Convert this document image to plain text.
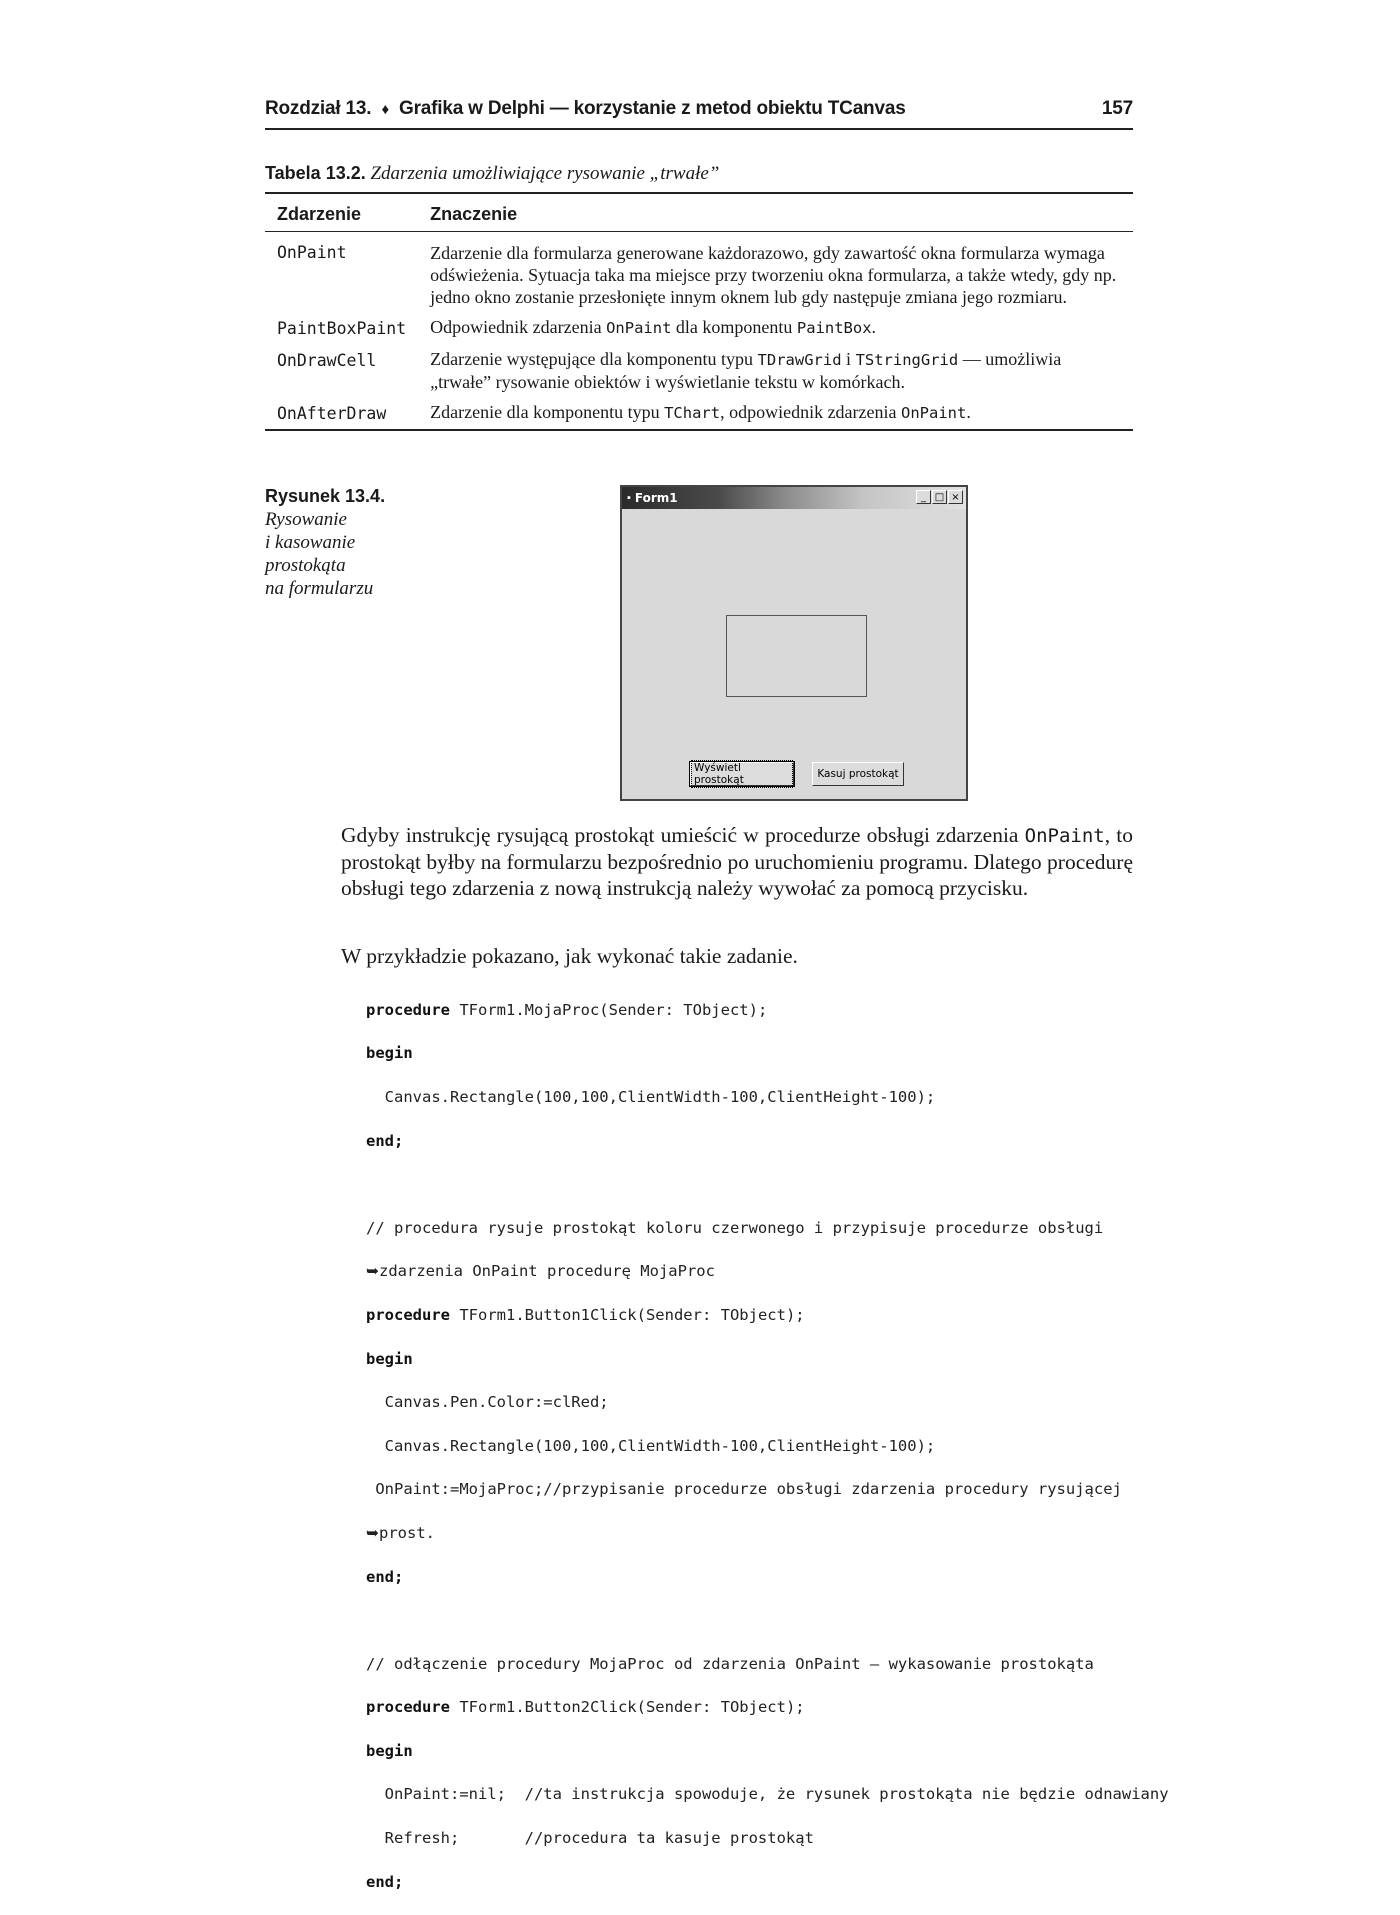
Rozdział 13. ♦ Grafika w Delphi — korzystanie z metod obiektu TCanvas	157
Tabela 13.2. Zdarzenia umożliwiające rysowanie „trwałe”
Zdarzenie	Znaczenie
OnPaint	Zdarzenie dla formularza generowane każdorazowo, gdy zawartość okna formularza wymaga odświeżenia. Sytuacja taka ma miejsce przy tworzeniu okna formularza, a także wtedy, gdy np. jedno okno zostanie przesłonięte innym oknem lub gdy następuje zmiana jego rozmiaru.
PaintBoxPaint	Odpowiednik zdarzenia OnPaint dla komponentu PaintBox.
OnDrawCell	Zdarzenie występujące dla komponentu typu TDrawGrid i TStringGrid — umożliwia „trwałe” rysowanie obiektów i wyświetlanie tekstu w komórkach.
OnAfterDraw	Zdarzenie dla komponentu typu TChart, odpowiednik zdarzenia OnPaint.
Rysunek 13.4.
Rysowanie
i kasowanie
prostokąta
na formularzu
▪ Form1	_ □ ×
Wyświetl prostokąt	Kasuj prostokąt

Gdyby instrukcję rysującą prostokąt umieścić w procedurze obsługi zdarzenia OnPaint, to prostokąt byłby na formularzu bezpośrednio po uruchomieniu programu. Dlatego procedurę obsługi tego zdarzenia z nową instrukcją należy wywołać za pomocą przycisku.

W przykładzie pokazano, jak wykonać takie zadanie.

procedure TForm1.MojaProc(Sender: TObject);

begin

Canvas.Rectangle(100,100,ClientWidth-100,ClientHeight-100);

end;

// procedura rysuje prostokąt koloru czerwonego i przypisuje procedurze obsługi

➥zdarzenia OnPaint procedurę MojaProc

procedure TForm1.Button1Click(Sender: TObject);

begin

Canvas.Pen.Color:=clRed;

Canvas.Rectangle(100,100,ClientWidth-100,ClientHeight-100);

OnPaint:=MojaProc;//przypisanie procedurze obsługi zdarzenia procedury rysującej

➥prost.

end;

// odłączenie procedury MojaProc od zdarzenia OnPaint — wykasowanie prostokąta

procedure TForm1.Button2Click(Sender: TObject);

begin

OnPaint:=nil;  //ta instrukcja spowoduje, że rysunek prostokąta nie będzie odnawiany

Refresh;       //procedura ta kasuje prostokąt

end;
